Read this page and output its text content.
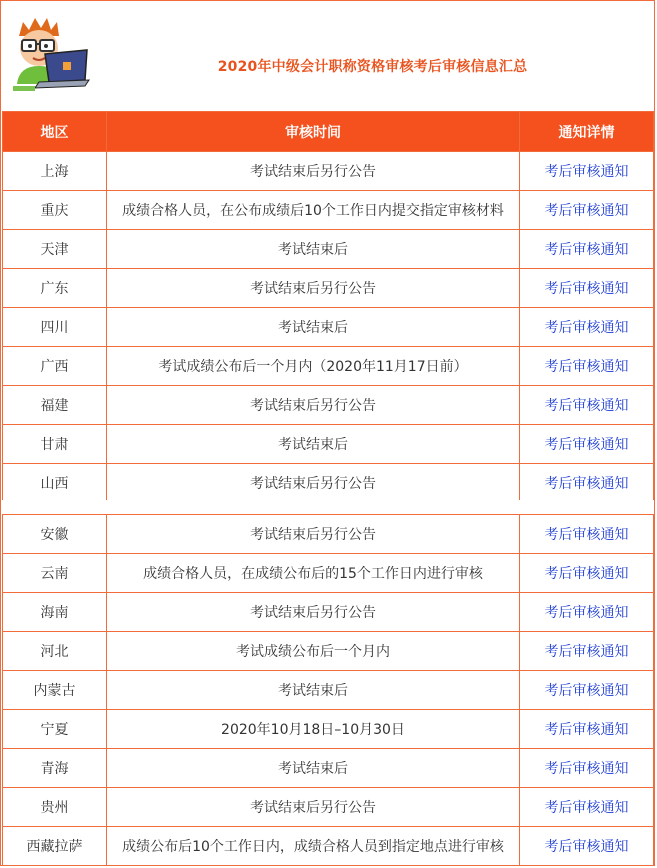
2020年中级会计职称资格审核考后审核信息汇总
地区	审核时间	通知详情
上海	考试结束后另行公告	考后审核通知
重庆	成绩合格人员，在公布成绩后10个工作日内提交指定审核材料	考后审核通知
天津	考试结束后	考后审核通知
广东	考试结束后另行公告	考后审核通知
四川	考试结束后	考后审核通知
广西	考试成绩公布后一个月内（2020年11月17日前）	考后审核通知
福建	考试结束后另行公告	考后审核通知
甘肃	考试结束后	考后审核通知
山西	考试结束后另行公告	考后审核通知
安徽	考试结束后另行公告	考后审核通知
云南	成绩合格人员，在成绩公布后的15个工作日内进行审核	考后审核通知
海南	考试结束后另行公告	考后审核通知
河北	考试成绩公布后一个月内	考后审核通知
内蒙古	考试结束后	考后审核通知
宁夏	2020年10月18日–10月30日	考后审核通知
青海	考试结束后	考后审核通知
贵州	考试结束后另行公告	考后审核通知
西藏拉萨	成绩公布后10个工作日内，成绩合格人员到指定地点进行审核	考后审核通知
